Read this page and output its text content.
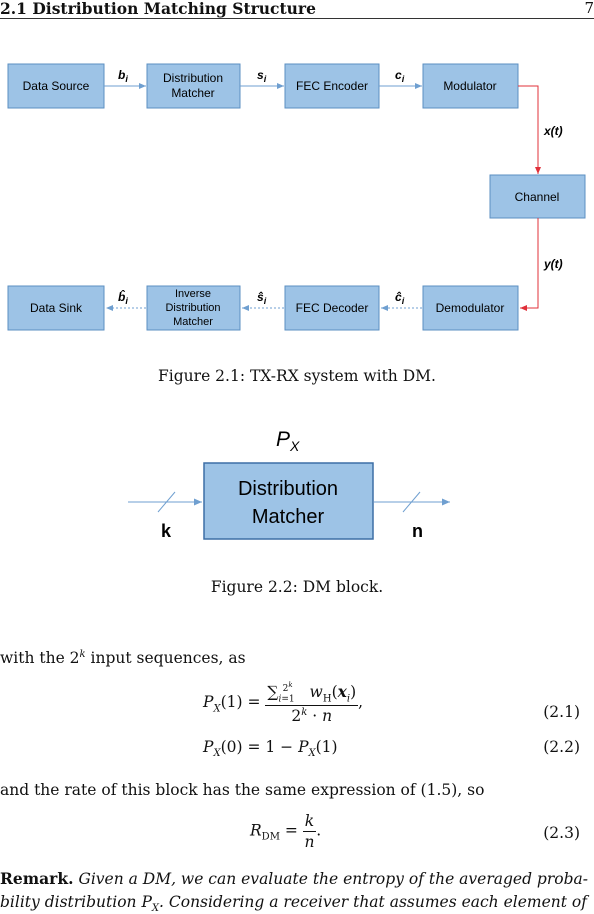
2.1 Distribution Matching Structure	7
Data Source
Distribution
Matcher	FEC Encoder	Modulator
$b_i$	$s_i$	$c_i$
x(t)
Channel
y(t)
Demodulator
FEC Decoder
Inverse
Distribution
Matcher
Data Sink
$ĉ_i$
$ŝ_i$
$b̂_i$
Figure 2.1: TX-RX system with DM.
$P_X$
Distribution
Matcher
k	n
Figure 2.2: DM block.
with the 2$^k$ input sequences, as
$P_X(1) = \frac{\sum_{i=1}^{2^k} w_H(x_i)}{2^k \cdot n}$ ,
(2.1)
$P_X(0) = 1 - P_X(1)$	(2.2)
and the rate of this block has the same expression of (1.5), so
$R_{DM} = \frac{k}{n}$ .	(2.3)
Remark. Given a DM, we can evaluate the entropy of the averaged proba-
bility distribution $P_X$. Considering a receiver that assumes each element of
